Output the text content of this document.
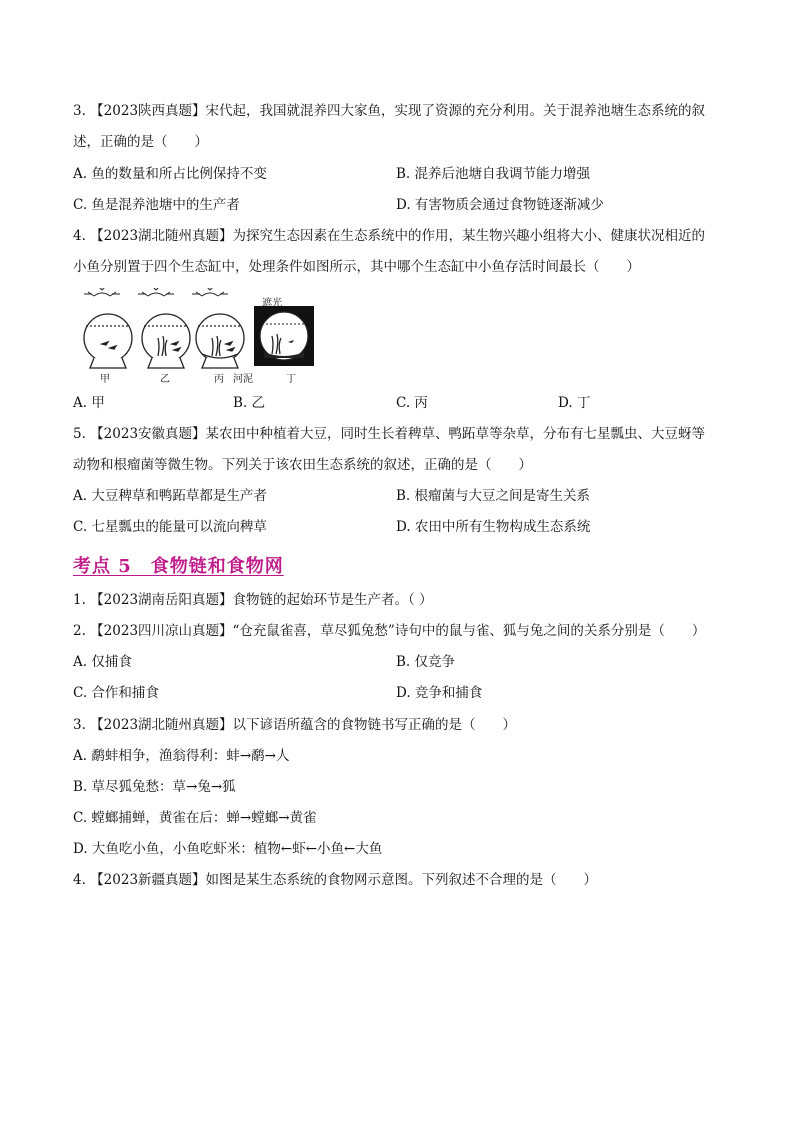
3. 【2023陕西真题】宋代起，我国就混养四大家鱼，实现了资源的充分利用。关于混养池塘生态系统的叙
述，正确的是（　　）
A. 鱼的数量和所占比例保持不变	B. 混养后池塘自我调节能力增强
C. 鱼是混养池塘中的生产者	D. 有害物质会通过食物链逐渐减少
4. 【2023湖北随州真题】为探究生态因素在生态系统中的作用，某生物兴趣小组将大小、健康状况相近的
小鱼分别置于四个生态缸中，处理条件如图所示，其中哪个生态缸中小鱼存活时间最长（　　）
遮光
甲	乙	丙 河泥	丁
A. 甲	B. 乙	C. 丙	D. 丁
5. 【2023安徽真题】某农田中种植着大豆，同时生长着稗草、鸭跖草等杂草，分布有七星瓢虫、大豆蚜等
动物和根瘤菌等微生物。下列关于该农田生态系统的叙述，正确的是（　　）
A. 大豆稗草和鸭跖草都是生产者	B. 根瘤菌与大豆之间是寄生关系
C. 七星瓢虫的能量可以流向稗草	D. 农田中所有生物构成生态系统
考点 5　食物链和食物网
1. 【2023湖南岳阳真题】食物链的起始环节是生产者。（ ）
2. 【2023四川凉山真题】“仓充鼠雀喜，草尽狐兔愁”诗句中的鼠与雀、狐与兔之间的关系分别是（　　）
A. 仅捕食	B. 仅竞争
C. 合作和捕食	D. 竞争和捕食
3. 【2023湖北随州真题】以下谚语所蕴含的食物链书写正确的是（　　）
A. 鹬蚌相争，渔翁得利：蚌→鹬→人
B. 草尽狐兔愁：草→兔→狐
C. 螳螂捕蝉，黄雀在后：蝉→螳螂→黄雀
D. 大鱼吃小鱼，小鱼吃虾米：植物←虾←小鱼←大鱼
4. 【2023新疆真题】如图是某生态系统的食物网示意图。下列叙述不合理的是（　　）
